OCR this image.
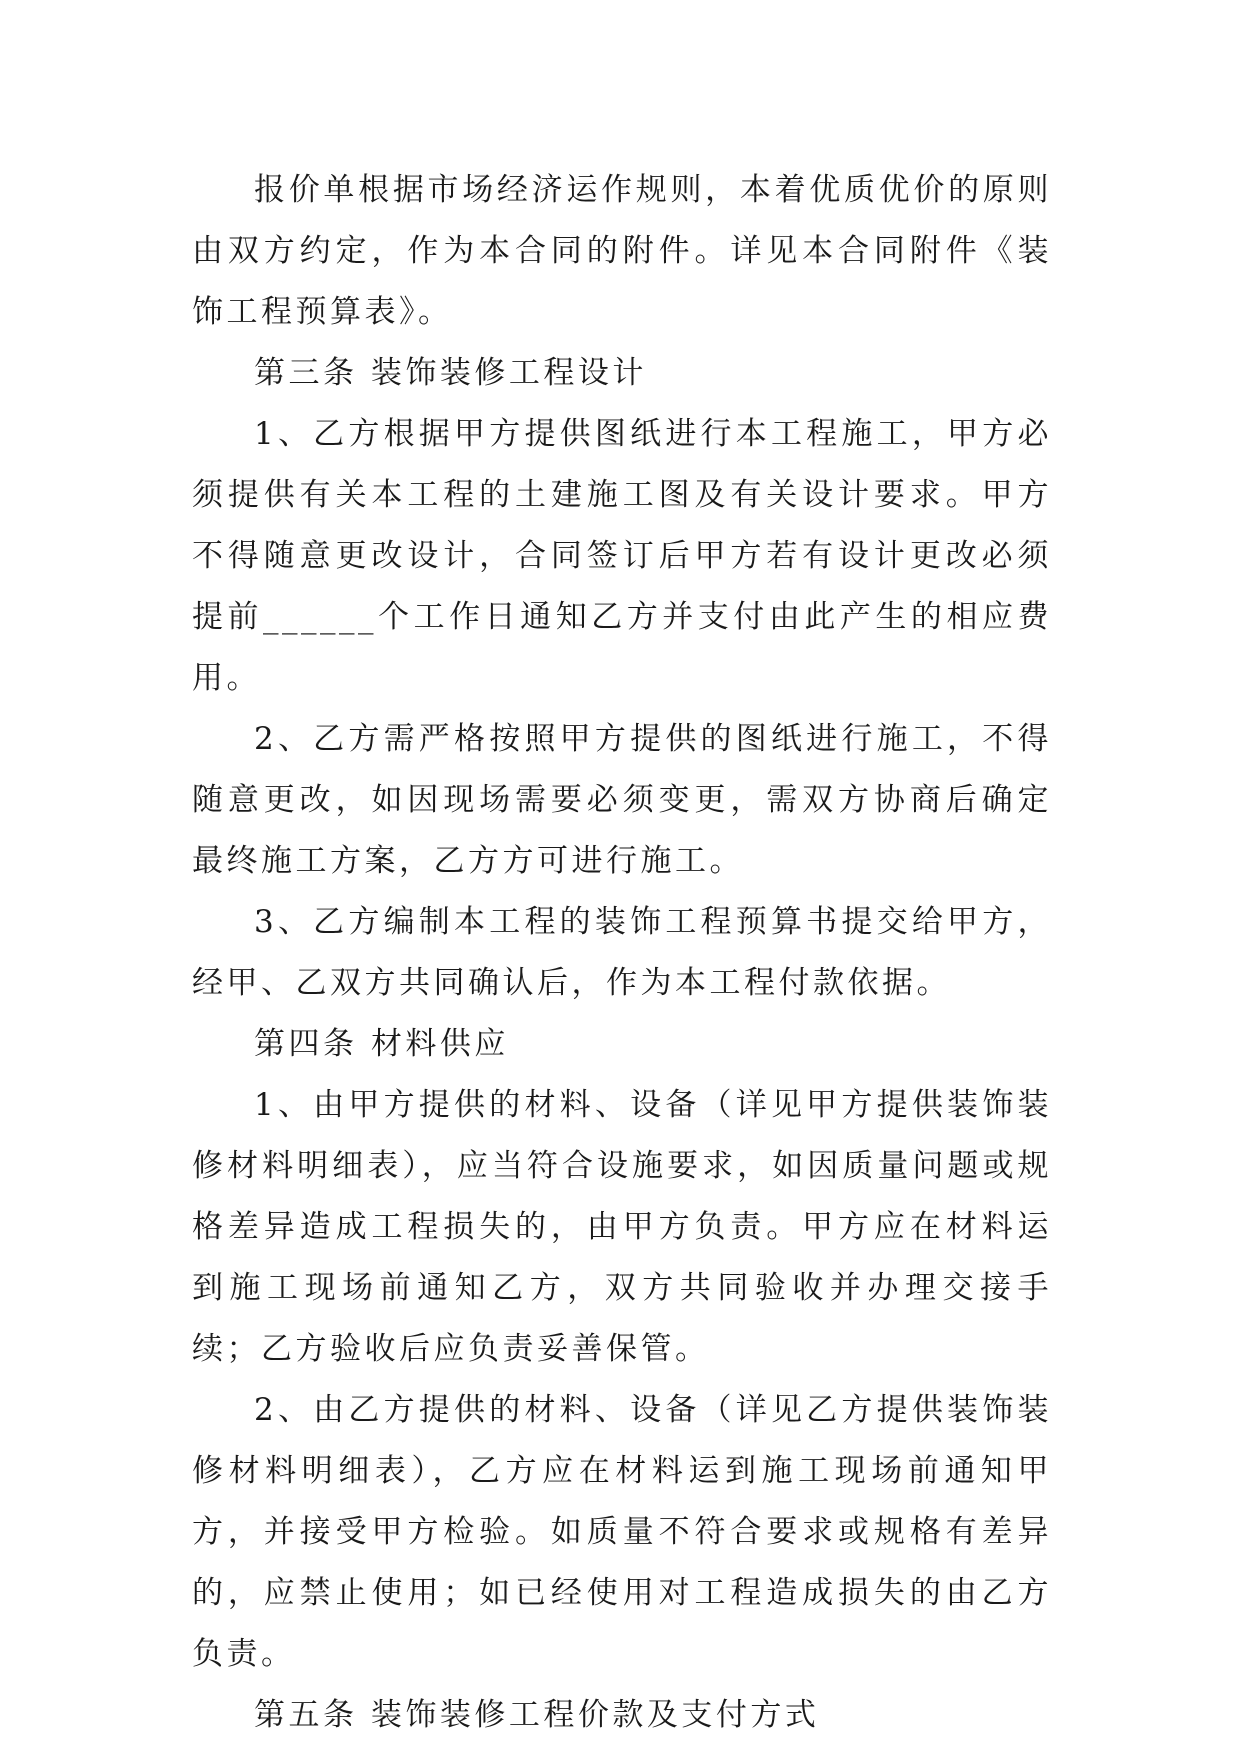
报价单根据市场经济运作规则，本着优质优价的原则由双方约定，作为本合同的附件。详见本合同附件《装饰工程预算表》。

第三条 装饰装修工程设计

1、乙方根据甲方提供图纸进行本工程施工，甲方必须提供有关本工程的土建施工图及有关设计要求。甲方不得随意更改设计，合同签订后甲方若有设计更改必须提前______个工作日通知乙方并支付由此产生的相应费用。

2、乙方需严格按照甲方提供的图纸进行施工，不得随意更改，如因现场需要必须变更，需双方协商后确定最终施工方案，乙方方可进行施工。

3、乙方编制本工程的装饰工程预算书提交给甲方，经甲、乙双方共同确认后，作为本工程付款依据。

第四条 材料供应

1、由甲方提供的材料、设备（详见甲方提供装饰装修材料明细表），应当符合设施要求，如因质量问题或规格差异造成工程损失的，由甲方负责。甲方应在材料运到施工现场前通知乙方，双方共同验收并办理交接手续；乙方验收后应负责妥善保管。

2、由乙方提供的材料、设备（详见乙方提供装饰装修材料明细表），乙方应在材料运到施工现场前通知甲方，并接受甲方检验。如质量不符合要求或规格有差异的，应禁止使用；如已经使用对工程造成损失的由乙方负责。

第五条 装饰装修工程价款及支付方式
